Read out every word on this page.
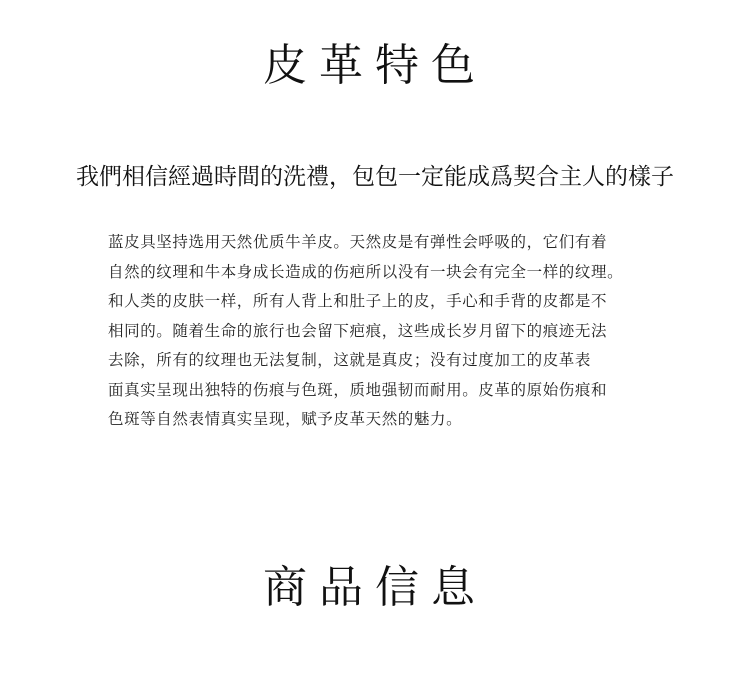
皮革特色
我們相信經過時間的洗禮，包包一定能成爲契合主人的樣子
蓝皮具坚持选用天然优质牛羊皮。天然皮是有弹性会呼吸的，它们有着
自然的纹理和牛本身成长造成的伤疤所以没有一块会有完全一样的纹理。
和人类的皮肤一样，所有人背上和肚子上的皮，手心和手背的皮都是不
相同的。随着生命的旅行也会留下疤痕，这些成长岁月留下的痕迹无法
去除，所有的纹理也无法复制，这就是真皮；没有过度加工的皮革表
面真实呈现出独特的伤痕与色斑，质地强韧而耐用。皮革的原始伤痕和
色斑等自然表情真实呈现，赋予皮革天然的魅力。
商品信息
